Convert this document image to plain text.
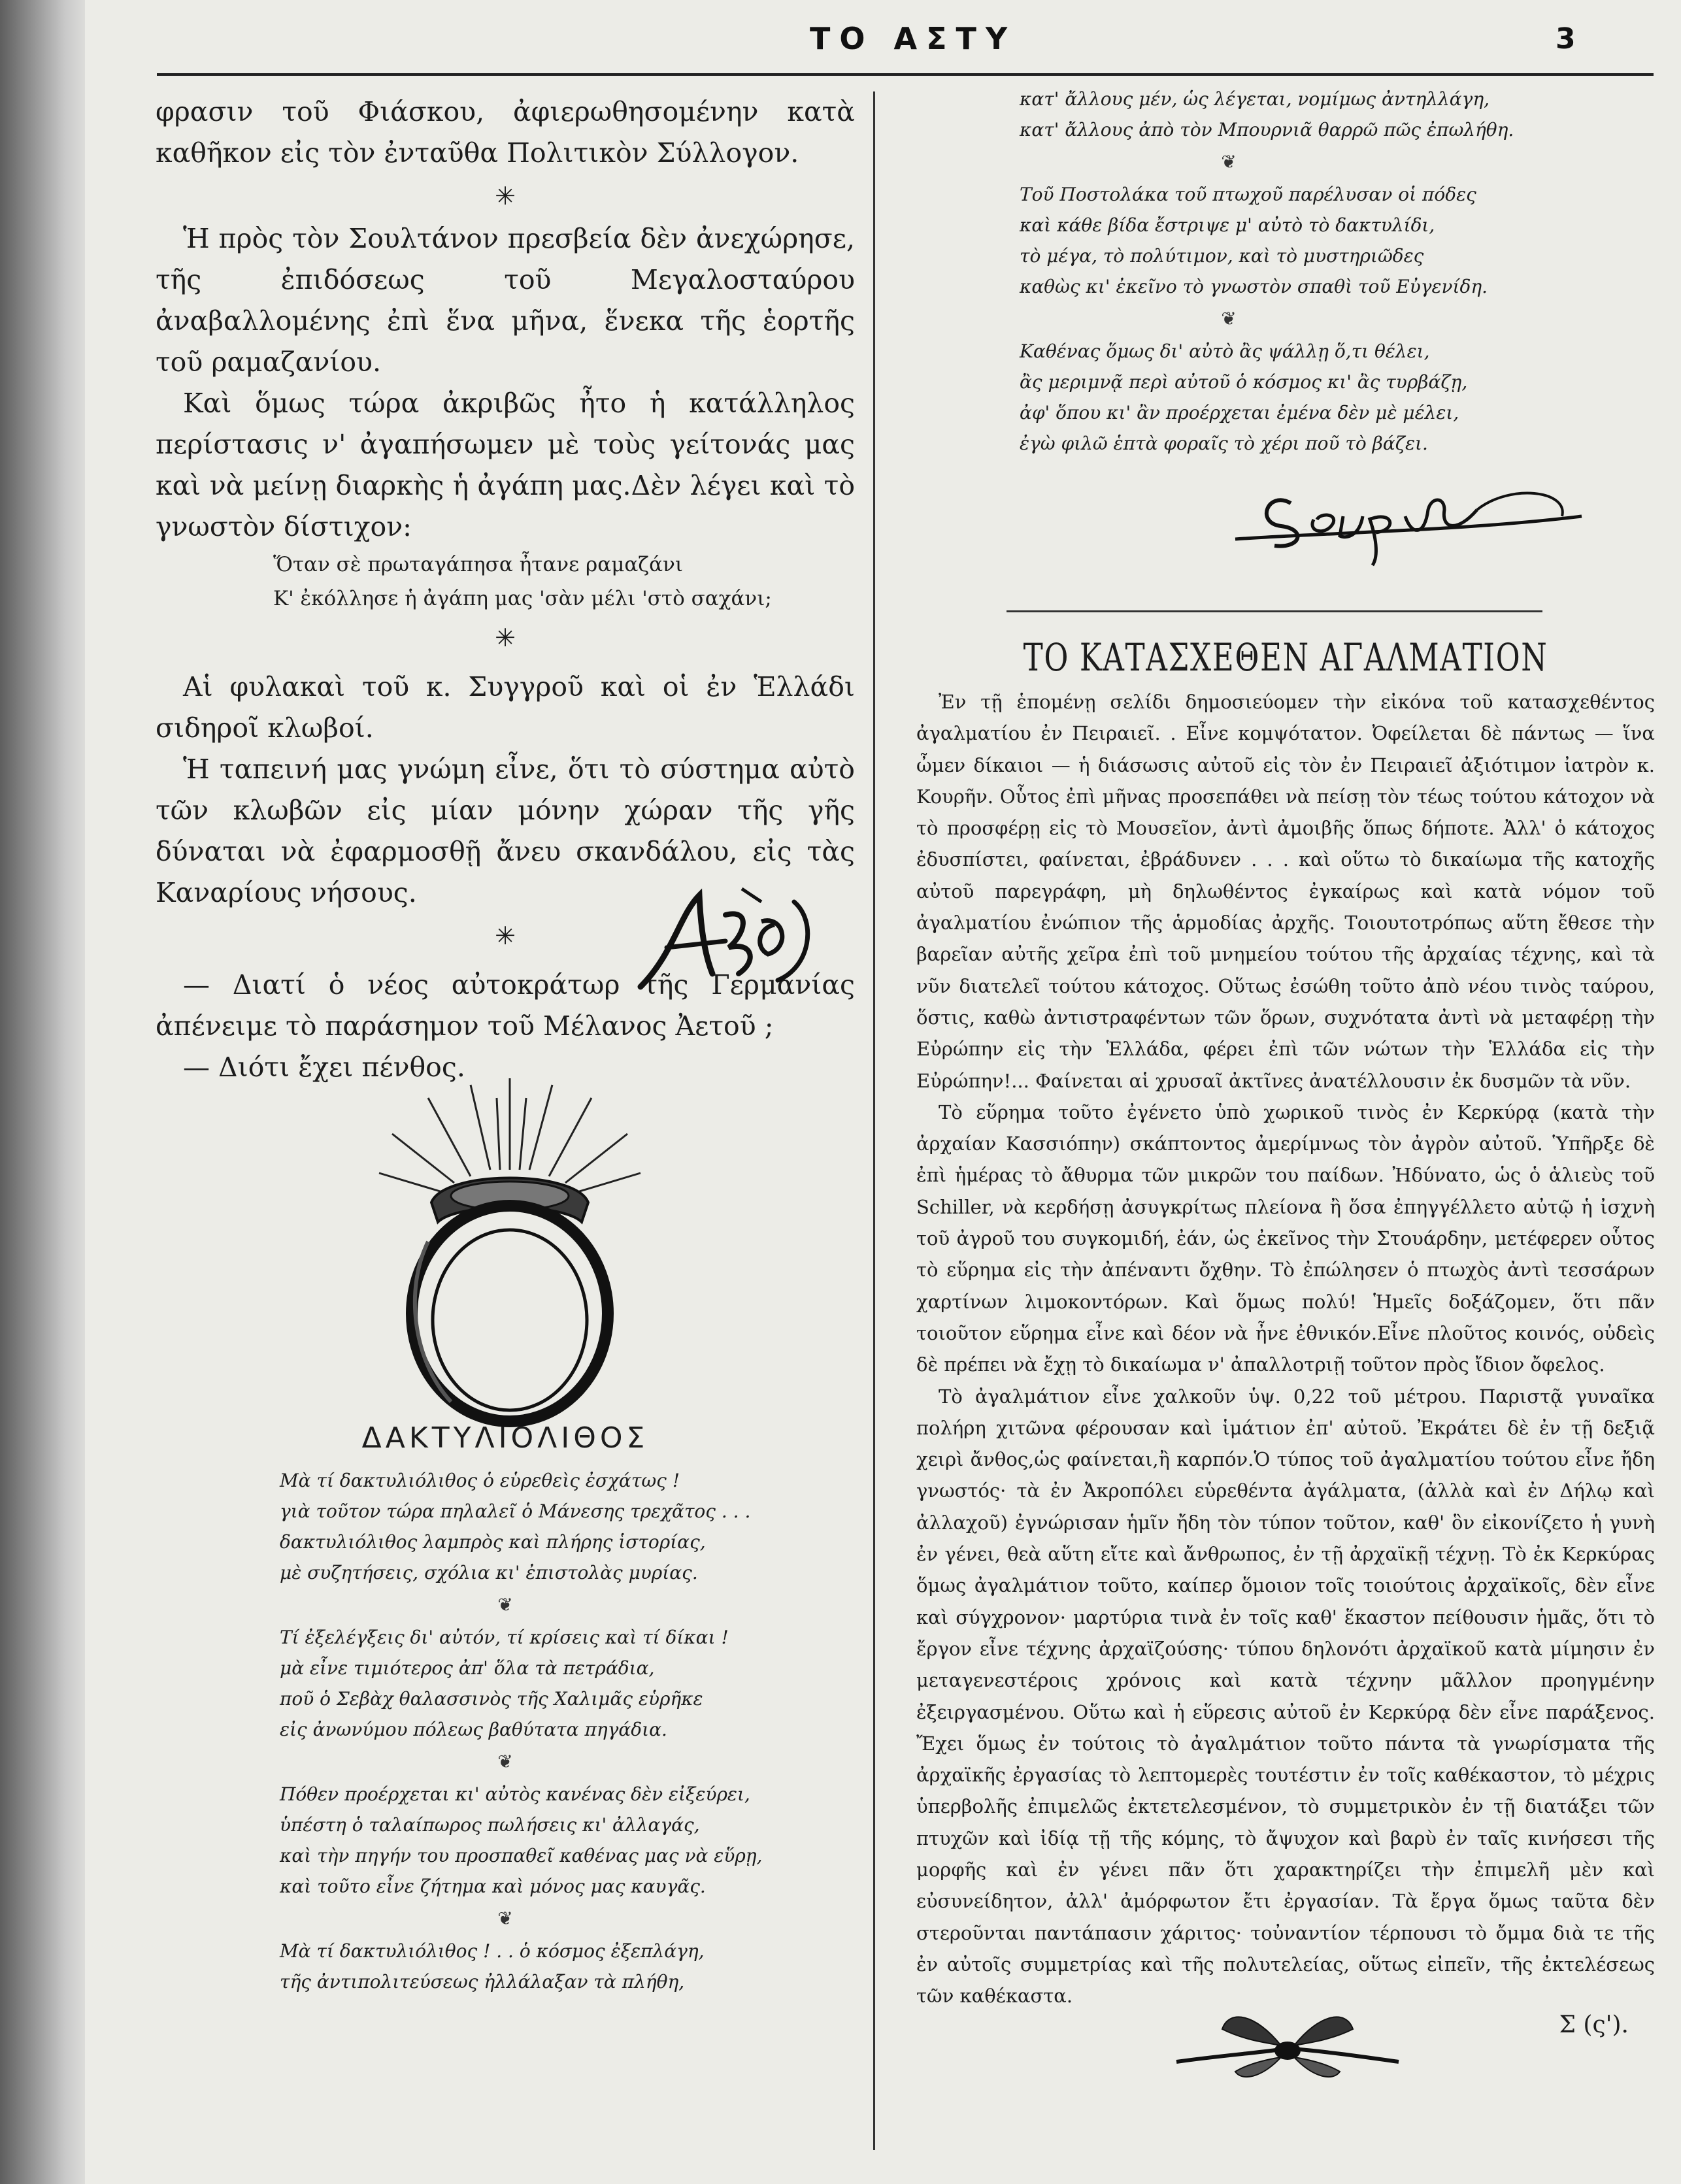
ΤΟ ΑΣΤΥ	3

φρασιν τοῦ Φιάσκου, ἀφιερωθησομένην κατὰ καθῆκον εἰς τὸν ἐνταῦθα Πολιτικὸν Σύλλογον.

✳

Ἡ πρὸς τὸν Σουλτάνον πρεσβεία δὲν ἀνεχώρησε, τῆς ἐπιδόσεως τοῦ Μεγαλοσταύρου ἀναβαλλομένης ἐπὶ ἕνα μῆνα, ἕνεκα τῆς ἑορτῆς τοῦ ραμαζανίου.

Καὶ ὅμως τώρα ἀκριβῶς ἦτο ἡ κατάλληλος περίστασις ν' ἀγαπήσωμεν μὲ τοὺς γείτονάς μας καὶ νὰ μείνῃ διαρκὴς ἡ ἀγάπη μας.Δὲν λέγει καὶ τὸ γνωστὸν δίστιχον:

Ὅταν σὲ πρωταγάπησα ἦτανε ραμαζάνι
Κ' ἐκόλλησε ἡ ἀγάπη μας 'σὰν μέλι 'στὸ σαχάνι;
✳

Αἱ φυλακαὶ τοῦ κ. Συγγροῦ καὶ οἱ ἐν Ἑλλάδι σιδηροῖ κλωβοί.

Ἡ ταπεινή μας γνώμη εἶνε, ὅτι τὸ σύστημα αὐτὸ τῶν κλωβῶν εἰς μίαν μόνην χώραν τῆς γῆς δύναται νὰ ἐφαρμοσθῇ ἄνευ σκανδάλου, εἰς τὰς Καναρίους νήσους.

✳

— Διατί ὁ νέος αὐτοκράτωρ τῆς Γερμανίας ἀπένειμε τὸ παράσημον τοῦ Μέλανος Ἀετοῦ ;

— Διότι ἔχει πένθος.

ΔΑΚΤΥΛΙΟΛΙΘΟΣ
Μὰ τί δακτυλιόλιθος ὁ εὑρεθεὶς ἐσχάτως !
γιὰ τοῦτον τώρα πηλαλεῖ ὁ Μάνεσης τρεχᾶτος . . .
δακτυλιόλιθος λαμπρὸς καὶ πλήρης ἱστορίας,
μὲ συζητήσεις, σχόλια κι' ἐπιστολὰς μυρίας.
❦
Τί ἐξελέγξεις δι' αὐτόν, τί κρίσεις καὶ τί δίκαι !
μὰ εἶνε τιμιότερος ἀπ' ὅλα τὰ πετράδια,
ποῦ ὁ Σεβὰχ θαλασσινὸς τῆς Χαλιμᾶς εὑρῆκε
εἰς ἀνωνύμου πόλεως βαθύτατα πηγάδια.
❦
Πόθεν προέρχεται κι' αὐτὸς κανένας δὲν εἰξεύρει,
ὑπέστη ὁ ταλαίπωρος πωλήσεις κι' ἀλλαγάς,
καὶ τὴν πηγήν του προσπαθεῖ καθένας μας νὰ εὕρῃ,
καὶ τοῦτο εἶνε ζήτημα καὶ μόνος μας καυγᾶς.
❦
Μὰ τί δακτυλιόλιθος ! . . ὁ κόσμος ἐξεπλάγη,
τῆς ἀντιπολιτεύσεως ἠλλάλαξαν τὰ πλήθη,
κατ' ἄλλους μέν, ὡς λέγεται, νομίμως ἀντηλλάγη,
κατ' ἄλλους ἀπὸ τὸν Μπουρνιᾶ θαρρῶ πῶς ἐπωλήθη.
❦
Τοῦ Ποστολάκα τοῦ πτωχοῦ παρέλυσαν οἱ πόδες
καὶ κάθε βίδα ἔστριψε μ' αὐτὸ τὸ δακτυλίδι,
τὸ μέγα, τὸ πολύτιμον, καὶ τὸ μυστηριῶδες
καθὼς κι' ἐκεῖνο τὸ γνωστὸν σπαθὶ τοῦ Εὐγενίδη.
❦
Καθένας ὅμως δι' αὐτὸ ἂς ψάλλῃ ὅ,τι θέλει,
ἂς μεριμνᾷ περὶ αὐτοῦ ὁ κόσμος κι' ἂς τυρβάζῃ,
ἀφ' ὅπου κι' ἂν προέρχεται ἐμένα δὲν μὲ μέλει,
ἐγὼ φιλῶ ἑπτὰ φοραῖς τὸ χέρι ποῦ τὸ βάζει.
ΤΟ ΚΑΤΑΣΧΕΘΕΝ ΑΓΑΛΜΑΤΙΟΝ

Ἐν τῇ ἑπομένῃ σελίδι δημοσιεύομεν τὴν εἰκόνα τοῦ κατασχεθέντος ἀγαλματίου ἐν Πειραιεῖ. . Εἶνε κομψότατον. Ὀφείλεται δὲ πάντως — ἵνα ὦμεν δίκαιοι — ἡ διάσωσις αὐτοῦ εἰς τὸν ἐν Πειραιεῖ ἀξιότιμον ἰατρὸν κ. Κουρῆν. Οὗτος ἐπὶ μῆνας προσεπάθει νὰ πείσῃ τὸν τέως τούτου κάτοχον νὰ τὸ προσφέρῃ εἰς τὸ Μουσεῖον, ἀντὶ ἀμοιβῆς ὅπως δήποτε. Ἀλλ' ὁ κάτοχος ἐδυσπίστει, φαίνεται, ἐβράδυνεν . . . καὶ οὕτω τὸ δικαίωμα τῆς κατοχῆς αὐτοῦ παρεγράφη, μὴ δηλωθέντος ἐγκαίρως καὶ κατὰ νόμον τοῦ ἀγαλματίου ἐνώπιον τῆς ἁρμοδίας ἀρχῆς. Τοιουτοτρόπως αὕτη ἔθεσε τὴν βαρεῖαν αὐτῆς χεῖρα ἐπὶ τοῦ μνημείου τούτου τῆς ἀρχαίας τέχνης, καὶ τὰ νῦν διατελεῖ τούτου κάτοχος. Οὕτως ἐσώθη τοῦτο ἀπὸ νέου τινὸς ταύρου, ὅστις, καθὼ ἀντιστραφέντων τῶν ὅρων, συχνότατα ἀντὶ νὰ μεταφέρῃ τὴν Εὐρώπην εἰς τὴν Ἑλλάδα, φέρει ἐπὶ τῶν νώτων τὴν Ἑλλάδα εἰς τὴν Εὐρώπην!... Φαίνεται αἱ χρυσαῖ ἀκτῖνες ἀνατέλλουσιν ἐκ δυσμῶν τὰ νῦν.

Τὸ εὕρημα τοῦτο ἐγένετο ὑπὸ χωρικοῦ τινὸς ἐν Κερκύρᾳ (κατὰ τὴν ἀρχαίαν Κασσιόπην) σκάπτοντος ἀμερίμνως τὸν ἀγρὸν αὐτοῦ. Ὑπῆρξε δὲ ἐπὶ ἡμέρας τὸ ἄθυρμα τῶν μικρῶν του παίδων. Ἠδύνατο, ὡς ὁ ἁλιεὺς τοῦ Schiller, νὰ κερδήσῃ ἀσυγκρίτως πλείονα ἢ ὅσα ἐπηγγέλλετο αὐτῷ ἡ ἰσχνὴ τοῦ ἀγροῦ του συγκομιδή, ἐάν, ὡς ἐκεῖνος τὴν Στουάρδην, μετέφερεν οὗτος τὸ εὕρημα εἰς τὴν ἀπέναντι ὄχθην. Τὸ ἐπώλησεν ὁ πτωχὸς ἀντὶ τεσσάρων χαρτίνων λιμοκοντόρων. Καὶ ὅμως πολύ! Ἡμεῖς δοξάζομεν, ὅτι πᾶν τοιοῦτον εὕρημα εἶνε καὶ δέον νὰ ἦνε ἐθνικόν.Εἶνε πλοῦτος κοινός, οὐδεὶς δὲ πρέπει νὰ ἔχῃ τὸ δικαίωμα ν' ἀπαλλοτριῇ τοῦτον πρὸς ἴδιον ὄφελος.

Τὸ ἀγαλμάτιον εἶνε χαλκοῦν ὑψ. 0,22 τοῦ μέτρου. Παριστᾷ γυναῖκα πολήρη χιτῶνα φέρουσαν καὶ ἱμάτιον ἐπ' αὐτοῦ. Ἐκράτει δὲ ἐν τῇ δεξιᾷ χειρὶ ἄνθος,ὡς φαίνεται,ἢ καρπόν.Ὁ τύπος τοῦ ἀγαλματίου τούτου εἶνε ἤδη γνωστός· τὰ ἐν Ἀκροπόλει εὑρεθέντα ἀγάλματα, (ἀλλὰ καὶ ἐν Δήλῳ καὶ ἀλλαχοῦ) ἐγνώρισαν ἡμῖν ἤδη τὸν τύπον τοῦτον, καθ' ὃν εἰκονίζετο ἡ γυνὴ ἐν γένει, θεὰ αὕτη εἴτε καὶ ἄνθρωπος, ἐν τῇ ἀρχαϊκῇ τέχνῃ. Τὸ ἐκ Κερκύρας ὅμως ἀγαλμάτιον τοῦτο, καίπερ ὅμοιον τοῖς τοιούτοις ἀρχαϊκοῖς, δὲν εἶνε καὶ σύγχρονον· μαρτύρια τινὰ ἐν τοῖς καθ' ἕκαστον πείθουσιν ἡμᾶς, ὅτι τὸ ἔργον εἶνε τέχνης ἀρχαϊζούσης· τύπου δηλονότι ἀρχαϊκοῦ κατὰ μίμησιν ἐν μεταγενεστέροις χρόνοις καὶ κατὰ τέχνην μᾶλλον προηγμένην ἐξειργασμένου. Οὕτω καὶ ἡ εὕρεσις αὐτοῦ ἐν Κερκύρᾳ δὲν εἶνε παράξενος. Ἔχει ὅμως ἐν τούτοις τὸ ἀγαλμάτιον τοῦτο πάντα τὰ γνωρίσματα τῆς ἀρχαϊκῆς ἐργασίας τὸ λεπτομερὲς τουτέστιν ἐν τοῖς καθέκαστον, τὸ μέχρις ὑπερβολῆς ἐπιμελῶς ἐκτετελεσμένον, τὸ συμμετρικὸν ἐν τῇ διατάξει τῶν πτυχῶν καὶ ἰδίᾳ τῇ τῆς κόμης, τὸ ἄψυχον καὶ βαρὺ ἐν ταῖς κινήσεσι τῆς μορφῆς καὶ ἐν γένει πᾶν ὅτι χαρακτηρίζει τὴν ἐπιμελῆ μὲν καὶ εὐσυνείδητον, ἀλλ' ἀμόρφωτον ἔτι ἐργασίαν. Τὰ ἔργα ὅμως ταῦτα δὲν στεροῦνται παντάπασιν χάριτος· τοὐναντίον τέρπουσι τὸ ὄμμα διὰ τε τῆς ἐν αὐτοῖς συμμετρίας καὶ τῆς πολυτελείας, οὕτως εἰπεῖν, τῆς ἐκτελέσεως τῶν καθέκαστα.

Σ (ς').
